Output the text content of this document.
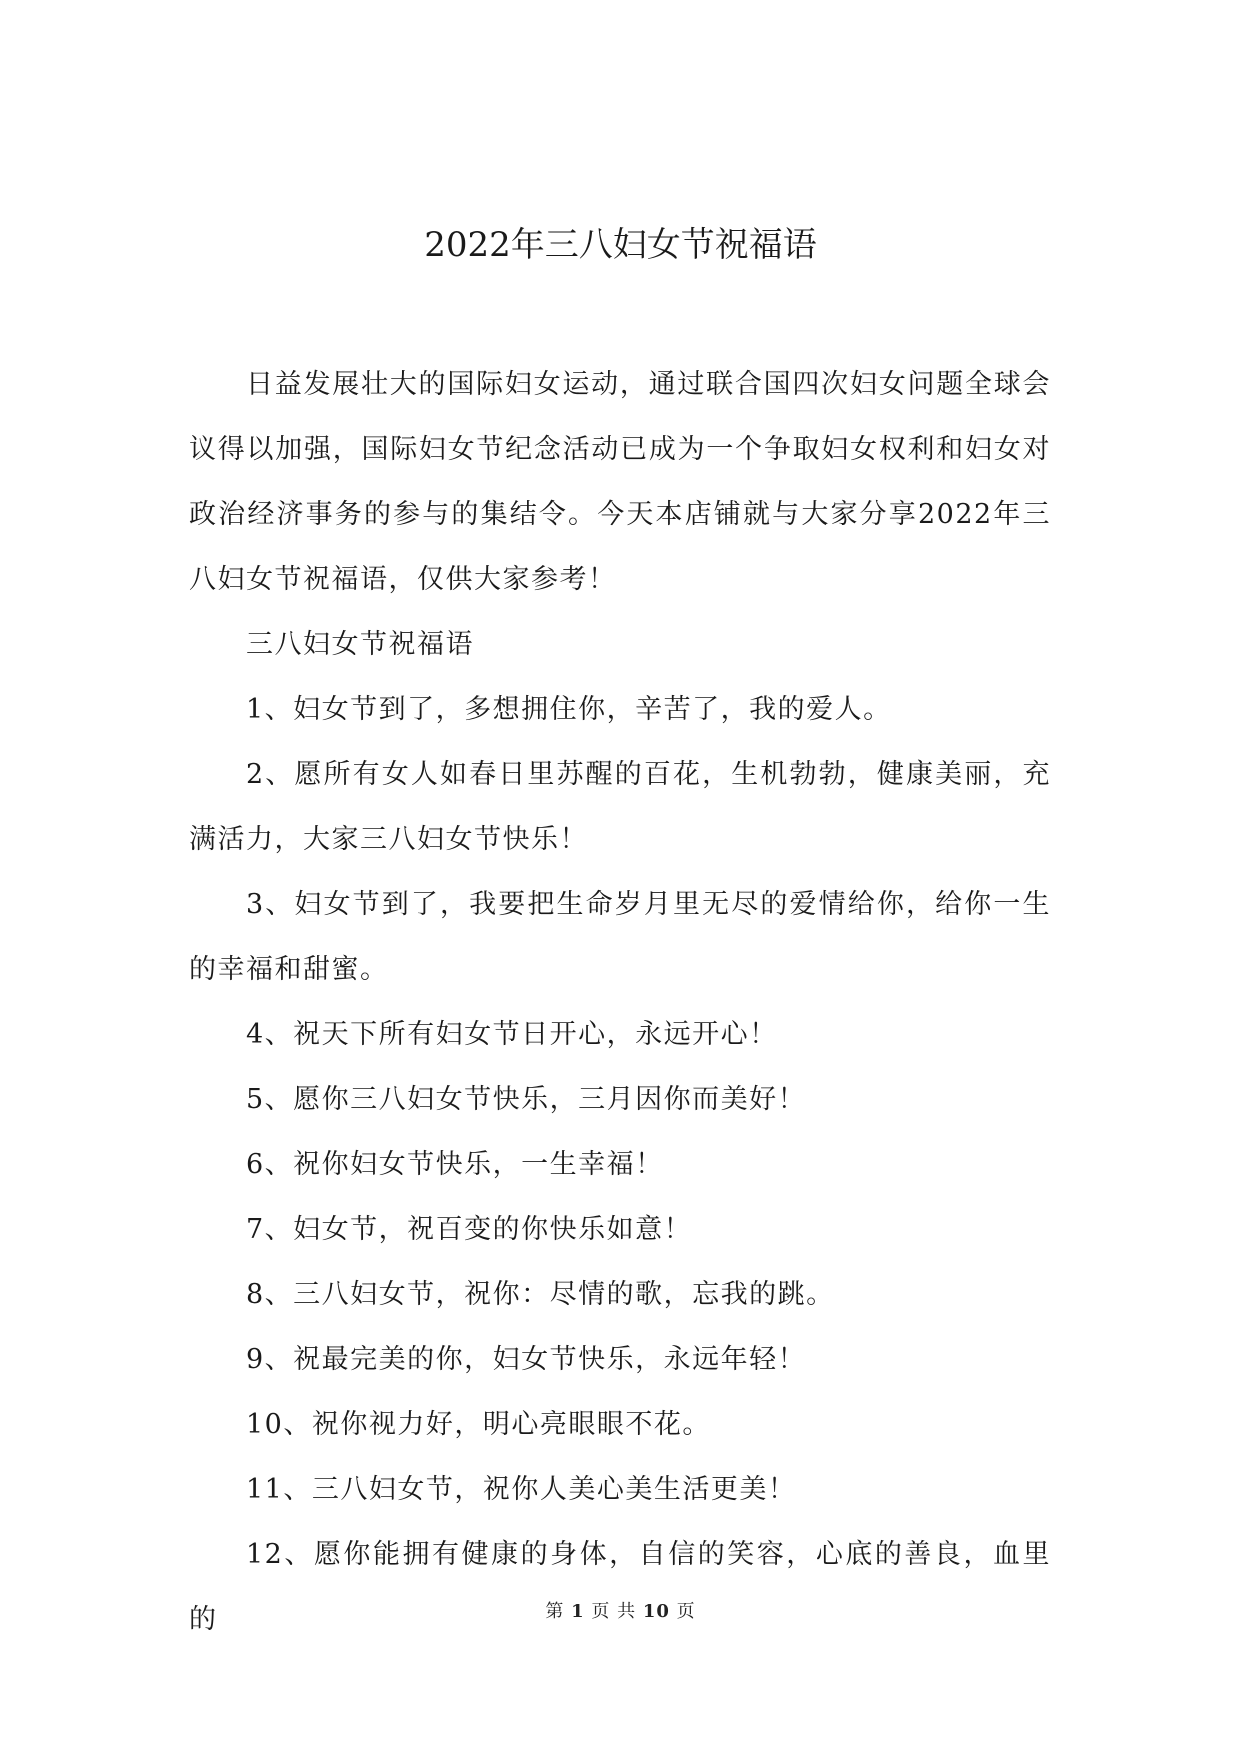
2022年三八妇女节祝福语

日益发展壮大的国际妇女运动，通过联合国四次妇女问题全球会议得以加强，国际妇女节纪念活动已成为一个争取妇女权利和妇女对政治经济事务的参与的集结令。今天本店铺就与大家分享2022年三八妇女节祝福语，仅供大家参考！

三八妇女节祝福语

1、妇女节到了，多想拥住你，辛苦了，我的爱人。

2、愿所有女人如春日里苏醒的百花，生机勃勃，健康美丽，充满活力，大家三八妇女节快乐！

3、妇女节到了，我要把生命岁月里无尽的爱情给你，给你一生的幸福和甜蜜。

4、祝天下所有妇女节日开心，永远开心！

5、愿你三八妇女节快乐，三月因你而美好！

6、祝你妇女节快乐，一生幸福！

7、妇女节，祝百变的你快乐如意！

8、三八妇女节，祝你：尽情的歌，忘我的跳。

9、祝最完美的你，妇女节快乐，永远年轻！

10、祝你视力好，明心亮眼眼不花。

11、三八妇女节，祝你人美心美生活更美！

12、愿你能拥有健康的身体，自信的笑容，心底的善良，血里的	第 1 页 共 10 页
